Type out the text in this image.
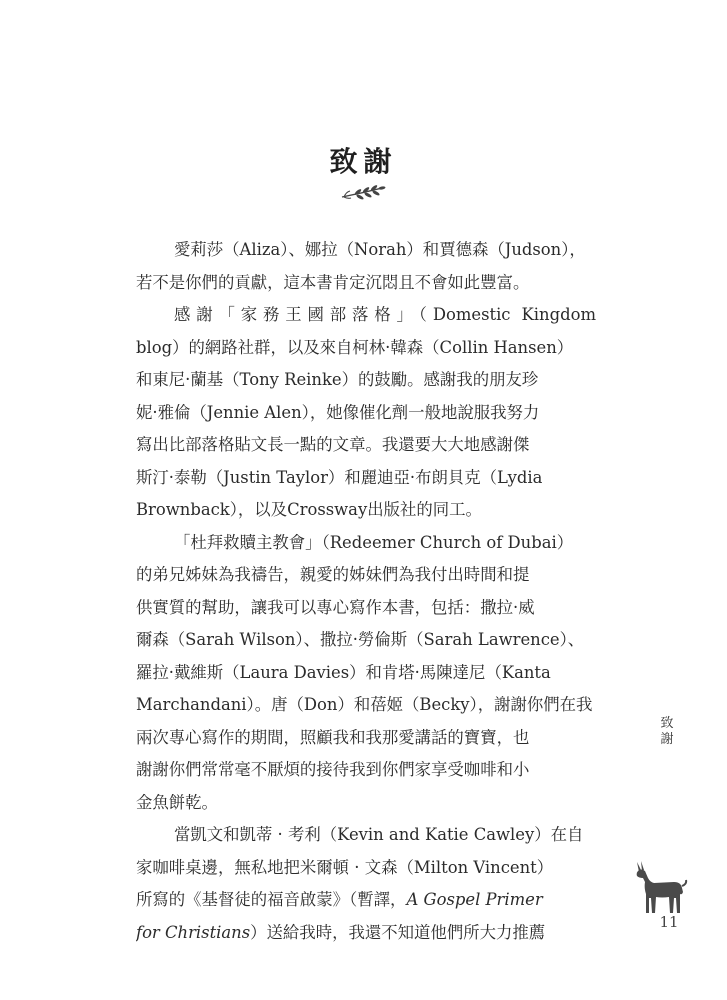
致謝
愛莉莎（Aliza）、娜拉（Norah）和賈德森（Judson），
若不是你們的貢獻，這本書肯定沉悶且不會如此豐富。
感謝「家務王國部落格」（Domestic Kingdom
blog）的網路社群，以及來自柯林·韓森（Collin Hansen）
和東尼·蘭基（Tony Reinke）的鼓勵。感謝我的朋友珍
妮·雅倫（Jennie Alen），她像催化劑一般地說服我努力
寫出比部落格貼文長一點的文章。我還要大大地感謝傑
斯汀·泰勒（Justin Taylor）和麗迪亞·布朗貝克（Lydia
Brownback），以及Crossway出版社的同工。
「杜拜救贖主教會」（Redeemer Church of Dubai）
的弟兄姊妹為我禱告，親愛的姊妹們為我付出時間和提
供實質的幫助，讓我可以專心寫作本書，包括：撒拉·威
爾森（Sarah Wilson）、撒拉·勞倫斯（Sarah Lawrence）、
羅拉·戴維斯（Laura Davies）和肯塔·馬陳達尼（Kanta
Marchandani）。唐（Don）和蓓姬（Becky），謝謝你們在我
兩次專心寫作的期間，照顧我和我那愛講話的寶寶，也
謝謝你們常常毫不厭煩的接待我到你們家享受咖啡和小
金魚餅乾。
當凱文和凱蒂 · 考利（Kevin and Katie Cawley）在自
家咖啡桌邊，無私地把米爾頓 · 文森（Milton Vincent）
所寫的《基督徒的福音啟蒙》（暫譯，A Gospel Primer
for Christians）送給我時，我還不知道他們所大力推薦
致
謝
11
